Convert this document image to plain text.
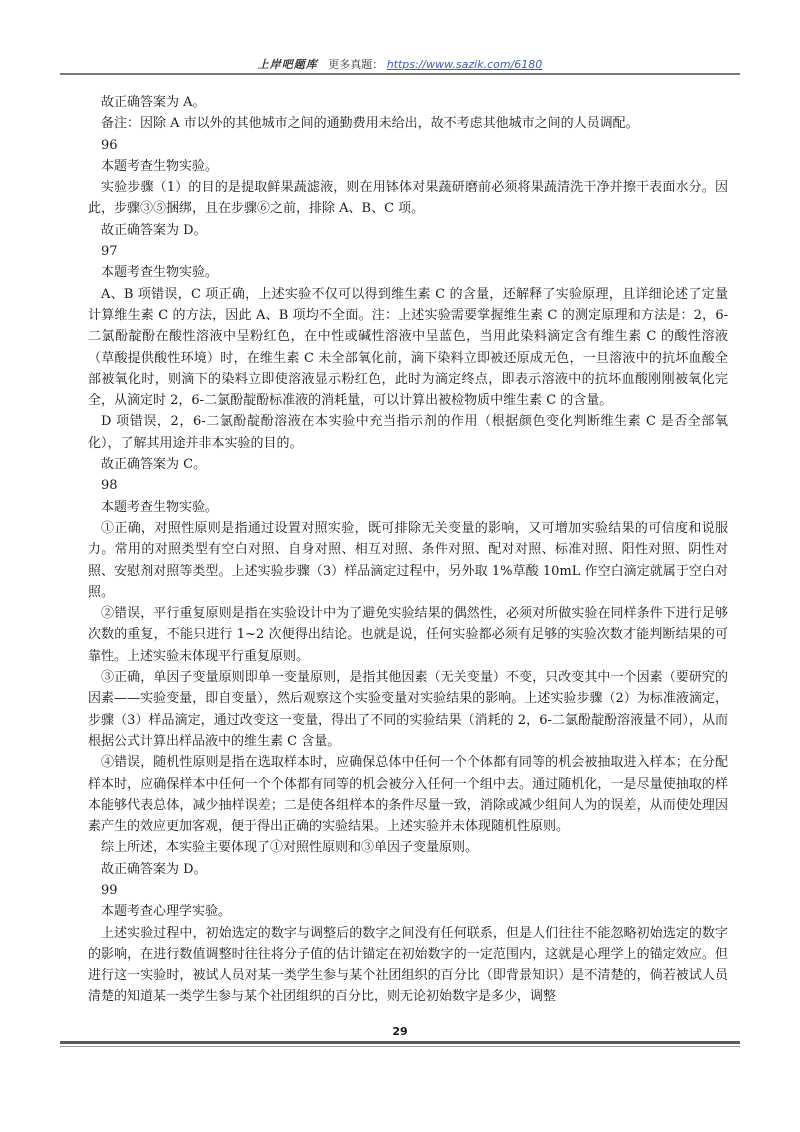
上岸吧题库 更多真题： https://www.sazik.com/6180

故正确答案为 A。

备注：因除 A 市以外的其他城市之间的通勤费用未给出，故不考虑其他城市之间的人员调配。

96

本题考查生物实验。

实验步骤（1）的目的是提取鲜果蔬滤液，则在用钵体对果蔬研磨前必须将果蔬清洗干净并擦干表面水分。因此，步骤③⑤捆绑，且在步骤⑥之前，排除 A、B、C 项。

故正确答案为 D。

97

本题考查生物实验。

A、B 项错误，C 项正确，上述实验不仅可以得到维生素 C 的含量，还解释了实验原理，且详细论述了定量计算维生素 C 的方法，因此 A、B 项均不全面。注：上述实验需要掌握维生素 C 的测定原理和方法是：2，6-二氯酚靛酚在酸性溶液中呈粉红色，在中性或碱性溶液中呈蓝色，当用此染料滴定含有维生素 C 的酸性溶液（草酸提供酸性环境）时，在维生素 C 未全部氧化前，滴下染料立即被还原成无色，一旦溶液中的抗坏血酸全部被氧化时，则滴下的染料立即使溶液显示粉红色，此时为滴定终点，即表示溶液中的抗坏血酸刚刚被氧化完全，从滴定时 2，6-二氯酚靛酚标准液的消耗量，可以计算出被检物质中维生素 C 的含量。

D 项错误，2，6-二氯酚靛酚溶液在本实验中充当指示剂的作用（根据颜色变化判断维生素 C 是否全部氧化），了解其用途并非本实验的目的。

故正确答案为 C。

98

本题考查生物实验。

①正确，对照性原则是指通过设置对照实验，既可排除无关变量的影响，又可增加实验结果的可信度和说服力。常用的对照类型有空白对照、自身对照、相互对照、条件对照、配对对照、标准对照、阳性对照、阴性对照、安慰剂对照等类型。上述实验步骤（3）样品滴定过程中，另外取 1%草酸 10mL 作空白滴定就属于空白对照。

②错误，平行重复原则是指在实验设计中为了避免实验结果的偶然性，必须对所做实验在同样条件下进行足够次数的重复，不能只进行 1~2 次便得出结论。也就是说，任何实验都必须有足够的实验次数才能判断结果的可靠性。上述实验未体现平行重复原则。

③正确，单因子变量原则即单一变量原则，是指其他因素（无关变量）不变，只改变其中一个因素（要研究的因素——实验变量，即自变量），然后观察这个实验变量对实验结果的影响。上述实验步骤（2）为标准液滴定，步骤（3）样品滴定，通过改变这一变量，得出了不同的实验结果（消耗的 2，6-二氯酚靛酚溶液量不同），从而根据公式计算出样品液中的维生素 C 含量。

④错误，随机性原则是指在选取样本时，应确保总体中任何一个个体都有同等的机会被抽取进入样本；在分配样本时，应确保样本中任何一个个体都有同等的机会被分入任何一个组中去。通过随机化，一是尽量使抽取的样本能够代表总体，减少抽样误差；二是使各组样本的条件尽量一致，消除或减少组间人为的误差，从而使处理因素产生的效应更加客观，便于得出正确的实验结果。上述实验并未体现随机性原则。

综上所述，本实验主要体现了①对照性原则和③单因子变量原则。

故正确答案为 D。

99

本题考查心理学实验。

上述实验过程中，初始选定的数字与调整后的数字之间没有任何联系，但是人们往往不能忽略初始选定的数字的影响，在进行数值调整时往往将分子值的估计锚定在初始数字的一定范围内，这就是心理学上的锚定效应。但进行这一实验时，被试人员对某一类学生参与某个社团组织的百分比（即背景知识）是不清楚的，倘若被试人员清楚的知道某一类学生参与某个社团组织的百分比，则无论初始数字是多少，调整

29
